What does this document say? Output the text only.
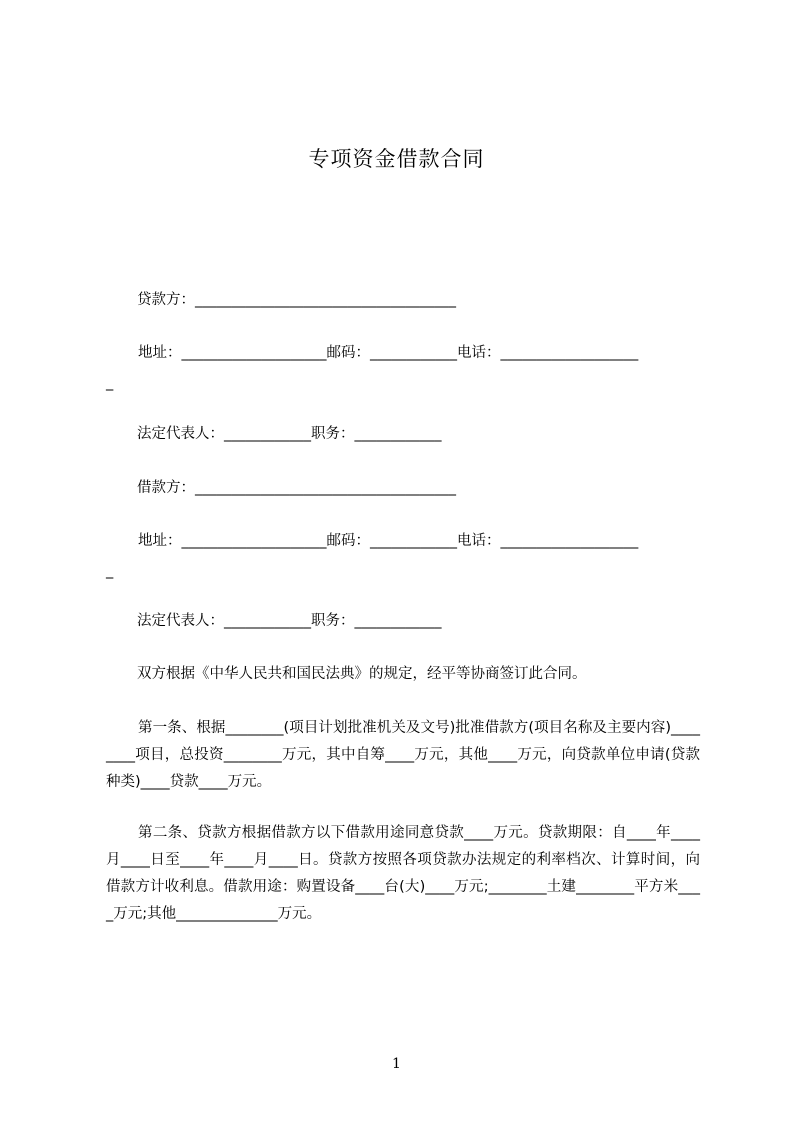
专项资金借款合同
贷款方：____________________________________
地址：____________________邮码：____________电话：___________________
_
法定代表人：____________职务：____________
借款方：____________________________________
地址：____________________邮码：____________电话：___________________
_
法定代表人：____________职务：____________
双方根据《中华人民共和国民法典》的规定，经平等协商签订此合同。
第一条、根据________(项目计划批准机关及文号)批准借款方(项目名称及主要内容)________项目，总投资________万元，其中自筹____万元，其他____万元，向贷款单位申请(贷款种类)____贷款____万元。
第二条、贷款方根据借款方以下借款用途同意贷款____万元。贷款期限：自____年____月____日至____年____月____日。贷款方按照各项贷款办法规定的利率档次、计算时间，向借款方计收利息。借款用途：购置设备____台(大)____万元;________土建________平方米____万元;其他______________万元。
1
